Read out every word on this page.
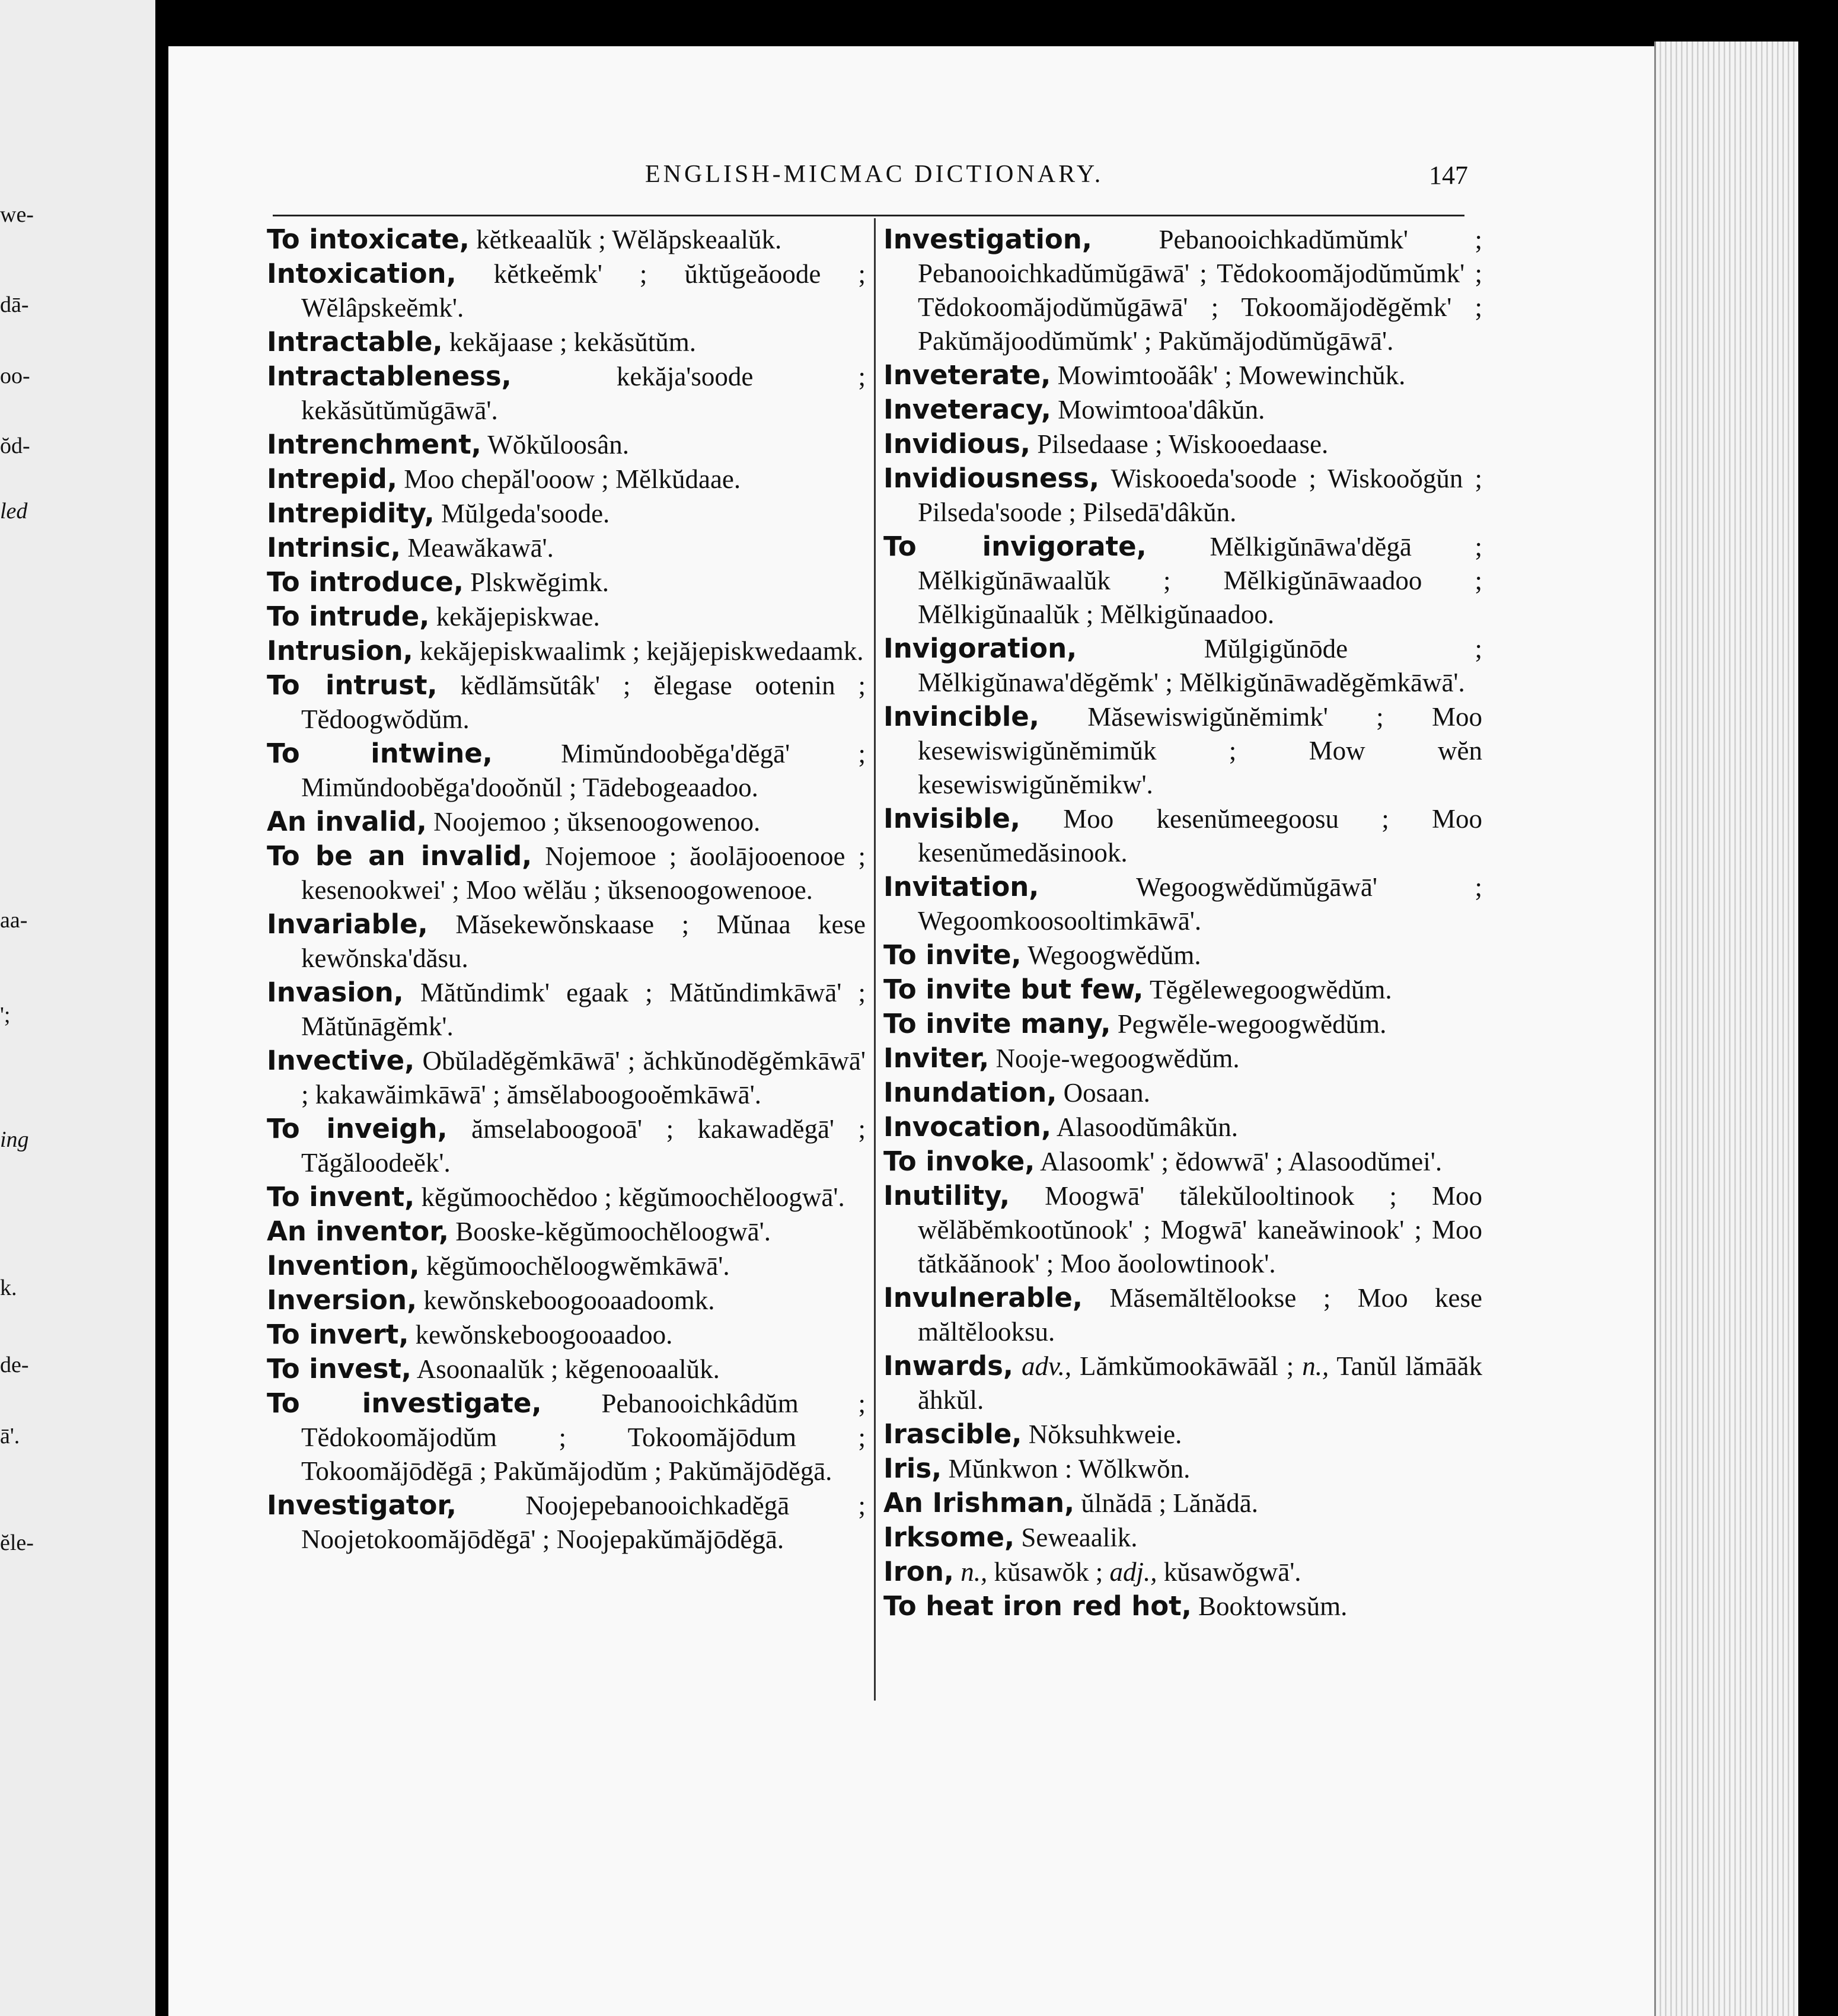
we-
dā-
oo-
ŏd-
led
aa-
';
ing
k.
de-
ā'.
ĕle-
ENGLISH-MICMAC DICTIONARY.	147

To intoxicate, kĕtkeaalŭk ; Wĕlăpskeaalŭk.

Intoxication, kĕtkeĕmk' ; ŭktŭgeăoode ; Wĕlâpskeĕmk'.

Intractable, kekăjaase ; kekăsŭtŭm.

Intractableness,	kekăja'soode ; kekăsŭtŭmŭgāwā'.

Intrenchment, Wŏkŭloosân.

Intrepid, Moo chepăl'ooow ; Mĕlkŭdaae.

Intrepidity, Mŭlgeda'soode.

Intrinsic, Meawăkawā'.

To introduce, Plskwĕgimk.

To intrude, kekăjepiskwae.

Intrusion, kekăjepiskwaalimk ; kejăjepiskwedaamk.

To intrust, kĕdlămsŭtâk' ; ĕlegase ootenin ; Tĕdoogwŏdŭm.

To intwine,	Mimŭndoobĕga'dĕgā' ; Mimŭndoobĕga'dooŏnŭl ; Tādebogeaadoo.

An invalid, Noojemoo ; ŭksenoogowenoo.

To be an invalid, Nojemooe ; ăoolājooenooe ; kesenookwei' ; Moo wĕlău ; ŭksenoogowenooe.

Invariable, Măsekewŏnskaase ; Mŭnaa kese kewŏnska'dăsu.

Invasion, Mătŭndimk' egaak ; Mătŭndimkāwā' ; Mătŭnāgĕmk'.

Invective, Obŭladĕgĕmkāwā' ; ăchkŭnodĕgĕmkāwā' ; kakawăimkāwā' ; ămsĕlaboogooĕmkāwā'.

To inveigh, ămselaboogooā' ; kakawadĕgā' ; Tăgăloodeĕk'.

To invent, kĕgŭmoochĕdoo ; kĕgŭmoochĕloogwā'.

An inventor, Booske-kĕgŭmoochĕloogwā'.

Invention, kĕgŭmoochĕloogwĕmkāwā'.

Inversion, kewŏnskeboogooaadoomk.

To invert, kewŏnskeboogooaadoo.

To invest, Asoonaalŭk ; kĕgenooaalŭk.

To investigate, Pebanooichkâdŭm ; Tĕdokoomăjodŭm ; Tokoomăjōdum ; Tokoomăjōdĕgā ; Pakŭmăjodŭm ; Pakŭmăjōdĕgā.

Investigator,	Noojepebanooichkadĕgā ; Noojetokoomăjōdĕgā' ; Noojepakŭmăjōdĕgā.

Investigation,	Pebanooichkadŭmŭmk' ; Pebanooichkadŭmŭgāwā' ; Tĕdokoomăjodŭmŭmk' ; Tĕdokoomăjodŭmŭgāwā' ; Tokoomăjodĕgĕmk' ; Pakŭmăjoodŭmŭmk' ; Pakŭmăjodŭmŭgāwā'.

Inveterate, Mowimtooăâk' ; Mowewinchŭk.

Inveteracy, Mowimtooa'dâkŭn.

Invidious, Pilsedaase ; Wiskooedaase.

Invidiousness, Wiskooeda'soode ; Wiskooŏgŭn ; Pilseda'soode ; Pilsedā'dâkŭn.

To invigorate, Mĕlkigŭnāwa'dĕgā ; Mĕlkigŭnāwaalŭk ; Mĕlkigŭnāwaadoo ; Mĕlkigŭnaalŭk ; Mĕlkigŭnaadoo.

Invigoration,	Mŭlgigŭnōde ; Mĕlkigŭnawa'dĕgĕmk' ; Mĕlkigŭnāwadĕgĕmkāwā'.

Invincible, Măsewiswigŭnĕmimk' ; Moo kesewiswigŭnĕmimŭk ; Mow wĕn kesewiswigŭnĕmikw'.

Invisible, Moo kesenŭmeegoosu ; Moo kesenŭmedăsinook.

Invitation,	Wegoogwĕdŭmŭgāwā' ; Wegoomkoosooltimkāwā'.

To invite, Wegoogwĕdŭm.

To invite but few, Tĕgĕlewegoogwĕdŭm.

To invite many, Pegwĕle-wegoogwĕdŭm.

Inviter, Nooje-wegoogwĕdŭm.

Inundation, Oosaan.

Invocation, Alasoodŭmâkŭn.

To invoke, Alasoomk' ; ĕdowwā' ; Alasoodŭmei'.

Inutility, Moogwā' tălekŭlooltinook ; Moo wĕlăbĕmkootŭnook' ; Mogwā' kaneăwinook' ; Moo tătkăănook' ; Moo ăoolowtinook'.

Invulnerable, Măsemăltĕlookse ; Moo kese măltĕlooksu.

Inwards, adv., Lămkŭmookāwāăl ; n., Tanŭl lămāăk ăhkŭl.

Irascible, Nŏksuhkweie.

Iris, Mŭnkwon : Wŏlkwŏn.

An Irishman, ŭlnădā ; Lănădā.

Irksome, Seweaalik.

Iron, n., kŭsawŏk ; adj., kŭsawŏgwā'.

To heat iron red hot, Booktowsŭm.
